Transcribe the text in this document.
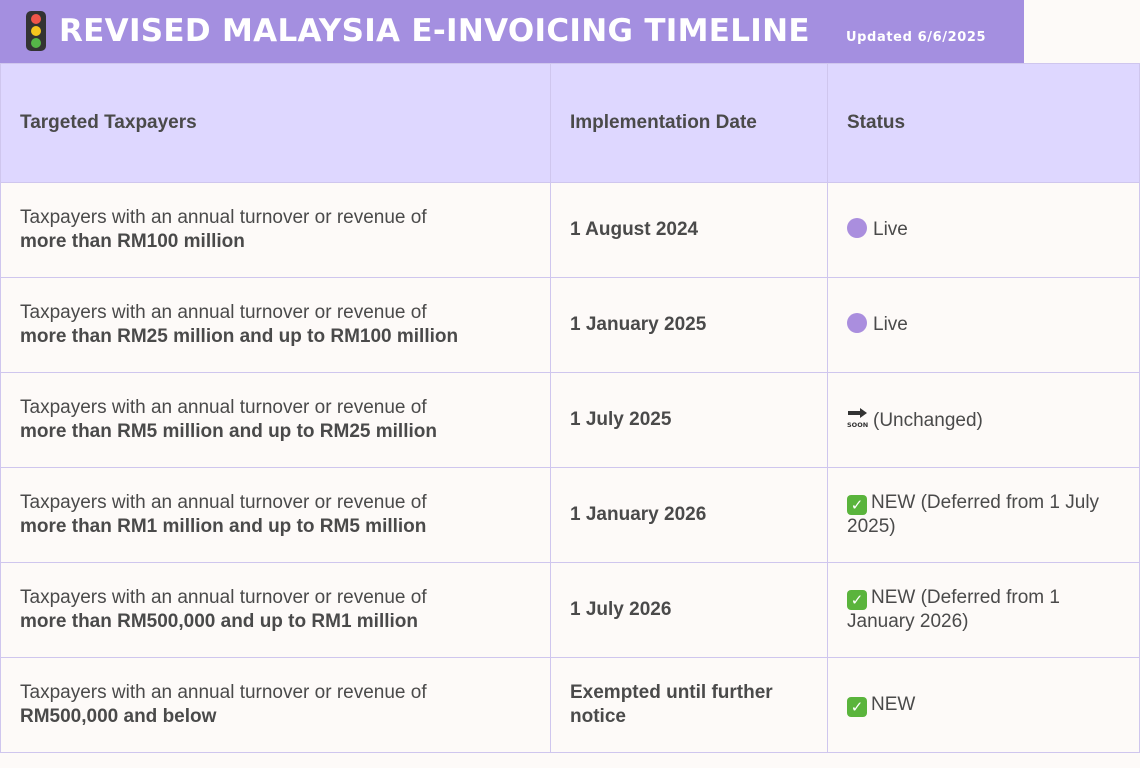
REVISED MALAYSIA E-INVOICING TIMELINE	Updated 6/6/2025
Targeted Taxpayers	Implementation Date	Status

Taxpayers with an annual turnover or revenue of
more than RM100 million	1 August 2024	Live

Taxpayers with an annual turnover or revenue of
more than RM25 million and up to RM100 million	1 January 2025	Live

Taxpayers with an annual turnover or revenue of
more than RM5 million and up to RM25 million	1 July 2025	SOON (Unchanged)

Taxpayers with an annual turnover or revenue of
more than RM1 million and up to RM5 million	1 January 2026	✓ NEW (Deferred from 1 July 2025)

Taxpayers with an annual turnover or revenue of
more than RM500,000 and up to RM1 million	1 July 2026	✓ NEW (Deferred from 1 January 2026)

Taxpayers with an annual turnover or revenue of
RM500,000 and below	Exempted until further notice	✓ NEW
